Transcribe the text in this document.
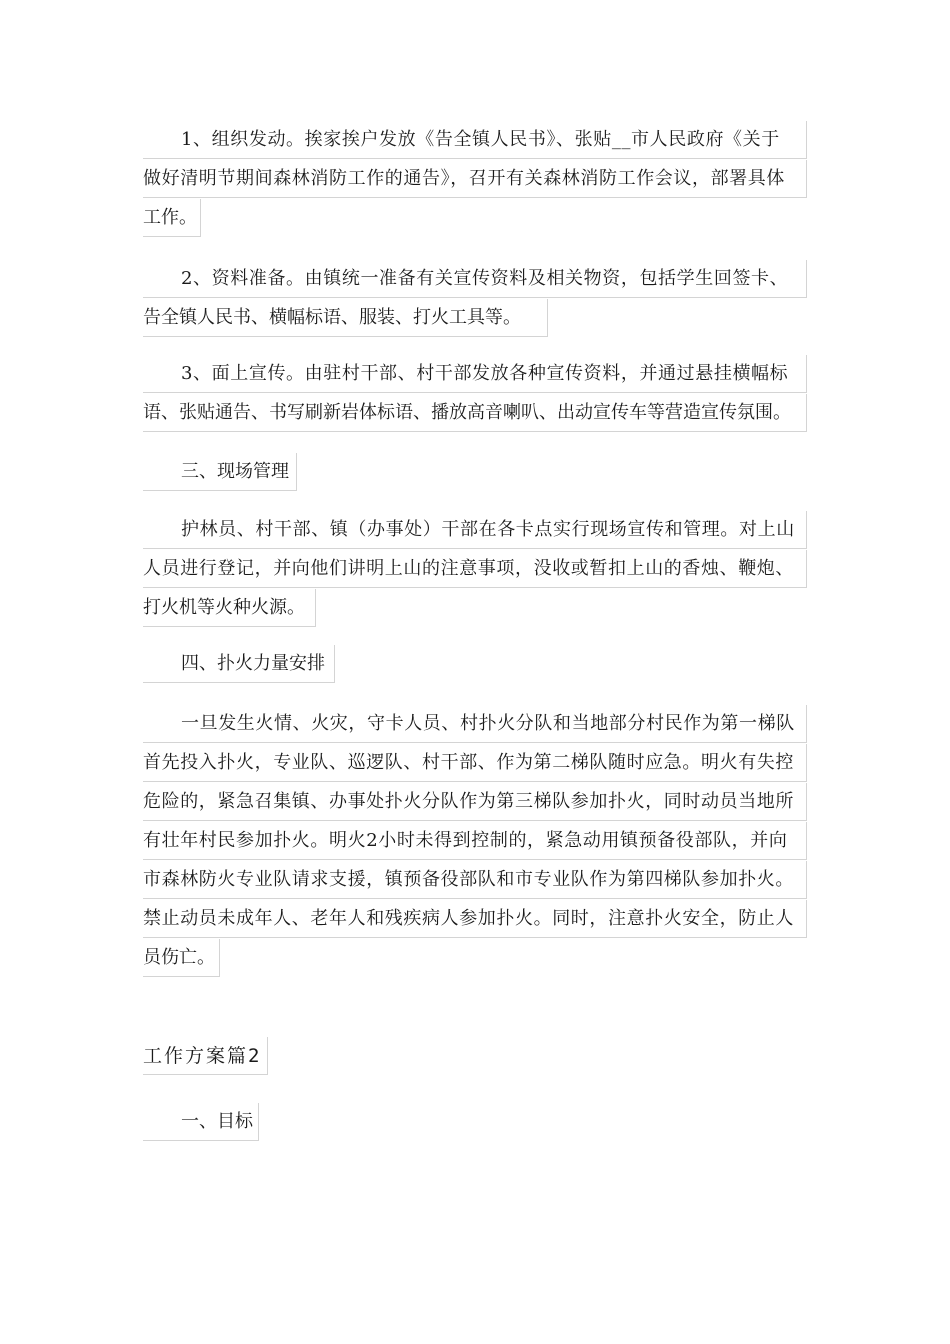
1、组织发动。挨家挨户发放《告全镇人民书》、张贴__市人民政府《关于
做好清明节期间森林消防工作的通告》，召开有关森林消防工作会议，部署具体
工作。
2、资料准备。由镇统一准备有关宣传资料及相关物资，包括学生回签卡、
告全镇人民书、横幅标语、服装、打火工具等。
3、面上宣传。由驻村干部、村干部发放各种宣传资料，并通过悬挂横幅标
语、张贴通告、书写刷新岩体标语、播放高音喇叭、出动宣传车等营造宣传氛围。
三、现场管理
护林员、村干部、镇（办事处）干部在各卡点实行现场宣传和管理。对上山
人员进行登记，并向他们讲明上山的注意事项，没收或暂扣上山的香烛、鞭炮、
打火机等火种火源。
四、扑火力量安排
一旦发生火情、火灾，守卡人员、村扑火分队和当地部分村民作为第一梯队
首先投入扑火，专业队、巡逻队、村干部、作为第二梯队随时应急。明火有失控
危险的，紧急召集镇、办事处扑火分队作为第三梯队参加扑火，同时动员当地所
有壮年村民参加扑火。明火2小时未得到控制的，紧急动用镇预备役部队，并向
市森林防火专业队请求支援，镇预备役部队和市专业队作为第四梯队参加扑火。
禁止动员未成年人、老年人和残疾病人参加扑火。同时，注意扑火安全，防止人
员伤亡。
工作方案篇2
一、目标
